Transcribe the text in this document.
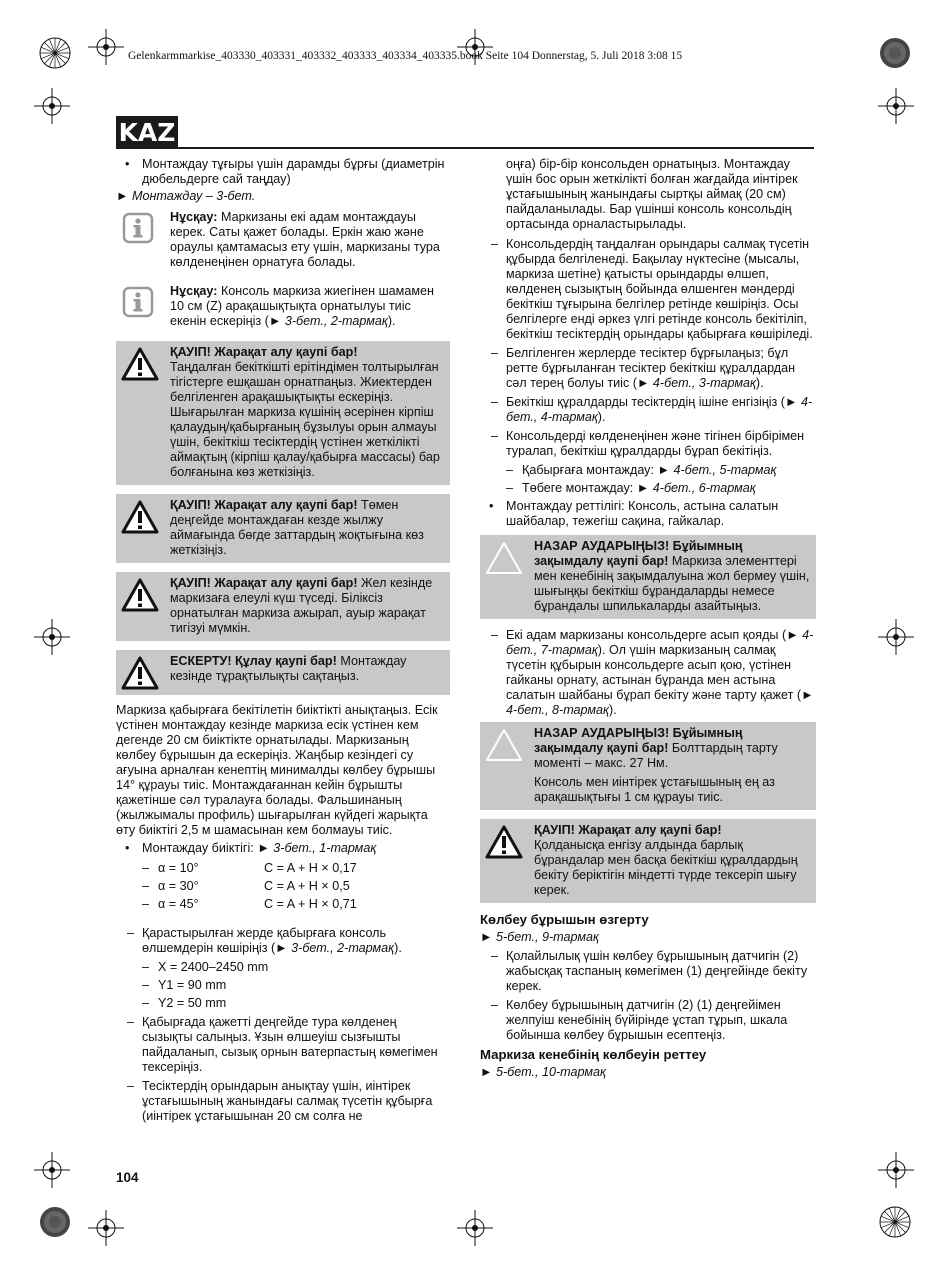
Gelenkarmmarkise_403330_403331_403332_403333_403334_403335.book Seite 104 Donnerstag, 5. Juli 2018 3:08 15
KAZ

• Монтаждау тұғыры үшін дарамды бұрғы (диаметрін дюбельдерге сай таңдау)

► Монтаждау – 3-бет.

Нұсқау: Маркизаны екі адам монтаждауы керек. Саты қажет болады. Еркін жаю және ораулы қамтамасыз ету үшін, маркизаны тура көлденеңінен орнатуға болады.

Нұсқау: Консоль маркиза жиегінен шамамен 10 см (Z) арақашықтықта орнатылуы тиіс екенін ескеріңіз (► 3-бет., 2-тармақ).

ҚАУІП! Жарақат алу қаупі бар!

Таңдалған бекіткішті ерітіндімен толтырылған тігістерге ешқашан орнатпаңыз. Жиектерден белгіленген арақашықтықты ескеріңіз. Шығарылған маркиза күшінің әсерінен кірпіш қалаудың/қабырғаның бұзылуы орын алмауы үшін, бекіткіш тесіктердің үстінен жеткілікті аймақтың (кірпіш қалау/қабырға массасы) бар болғанына көз жеткізіңіз.

ҚАУІП! Жарақат алу қаупі бар! Төмен деңгейде монтаждаған кезде жылжу аймағында бөгде заттардың жоқтығына көз жеткізіңіз.

ҚАУІП! Жарақат алу қаупі бар! Жел кезінде маркизаға елеулі күш түседі. Біліксіз орнатылған маркиза ажырап, ауыр жарақат тигізуі мүмкін.

ЕСКЕРТУ! Құлау қаупі бар! Монтаждау кезінде тұрақтылықты сақтаңыз.

Маркиза қабырғаға бекітілетін биіктікті анықтаңыз. Есік үстінен монтаждау кезінде маркиза есік үстінен кем дегенде 20 см биіктікте орнатылады. Маркизаның көлбеу бұрышын да ескеріңіз. Жаңбыр кезіндегі су ағуына арналған кенептің минималды көлбеу бұрышы 14° құрауы тиіс. Монтаждағаннан кейін бұрышты қажетінше сәл туралауға болады. Фальшинаның (жылжымалы профиль) шығарылған күйдегі жарықта өту биіктігі 2,5 м шамасынан кем болмауы тиіс.

• Монтаждау биіктігі: ► 3-бет., 1-тармақ

– α = 10°	C = A + H × 0,17

– α = 30°	C = A + H × 0,5

– α = 45°	C = A + H × 0,71

– Қарастырылған жерде қабырғаға консоль өлшемдерін көшіріңіз (► 3-бет., 2-тармақ).

– X = 2400–2450 mm

– Y1 = 90 mm

– Y2 = 50 mm

– Қабырғада қажетті деңгейде тура көлденең сызықты салыңыз. Ұзын өлшеуіш сызғышты пайдаланып, сызық орнын ватерпастың көмегімен тексеріңіз.

– Тесіктердің орындарын анықтау үшін, иінтірек ұстағышының жанындағы салмақ түсетін құбырға (иінтірек ұстағышынан 20 см солға не

оңға) бір-бір консольден орнатыңыз. Монтаждау үшін бос орын жеткілікті болған жағдайда иінтірек ұстағышының жанындағы сыртқы аймақ (20 см) пайдаланылады. Бар үшінші консоль консольдің ортасында орналастырылады.

– Консольдердің таңдалған орындары салмақ түсетін құбырда белгіленеді. Бақылау нүктесіне (мысалы, маркиза шетіне) қатысты орындарды өлшеп, көлденең сызықтың бойында өлшенген мәндерді бекіткіш тұғырына белгілер ретінде көшіріңіз. Осы белгілерге енді әркез үлгі ретінде консоль бекітіліп, бекіткіш тесіктердің орындары қабырғаға көшіріледі.

– Белгіленген жерлерде тесіктер бұрғылаңыз; бұл ретте бұрғыланған тесіктер бекіткіш құралдардан сәл терең болуы тиіс (► 4-бет., 3-тармақ).

– Бекіткіш құралдарды тесіктердің ішіне енгізіңіз (► 4-бет., 4-тармақ).

– Консольдерді көлденеңінен және тігінен бірбірімен туралап, бекіткіш құралдарды бұрап бекітіңіз.

– Қабырғаға монтаждау: ► 4-бет., 5-тармақ

– Төбеге монтаждау: ► 4-бет., 6-тармақ

• Монтаждау реттілігі: Консоль, астына салатын шайбалар, тежегіш сақина, гайкалар.

НАЗАР АУДАРЫҢЫЗ! Бұйымның зақымдалу қаупі бар! Маркиза элементтері мен кенебінің зақымдалуына жол бермеу үшін, шығыңқы бекіткіш бұрандаларды немесе бұрандалы шпилькаларды азайтыңыз.

– Екі адам маркизаны консольдерге асып қояды (► 4-бет., 7-тармақ). Ол үшін маркизаның салмақ түсетін құбырын консольдерге асып қою, үстінен гайканы орнату, астынан бұранда мен астына салатын шайбаны бұрап бекіту және тарту қажет (► 4-бет., 8-тармақ).

НАЗАР АУДАРЫҢЫЗ! Бұйымның зақымдалу қаупі бар! Болттардың тарту моменті – макс. 27 Нм.

Консоль мен иінтірек ұстағышының ең аз арақашықтығы 1 см құрауы тиіс.

ҚАУІП! Жарақат алу қаупі бар!

Қолданысқа енгізу алдында барлық бұрандалар мен басқа бекіткіш құралдардың бекіту беріктігін міндетті түрде тексеріп шығу керек.

Көлбеу бұрышын өзгерту

► 5-бет., 9-тармақ

– Қолайлылық үшін көлбеу бұрышының датчигін (2) жабысқақ таспаның көмегімен (1) деңгейінде бекіту керек.

– Көлбеу бұрышының датчигін (2) (1) деңгейімен желпуіш кенебінің бүйірінде ұстап тұрып, шкала бойынша көлбеу бұрышын есептеңіз.

Маркиза кенебінің көлбеуін реттеу

► 5-бет., 10-тармақ

104
